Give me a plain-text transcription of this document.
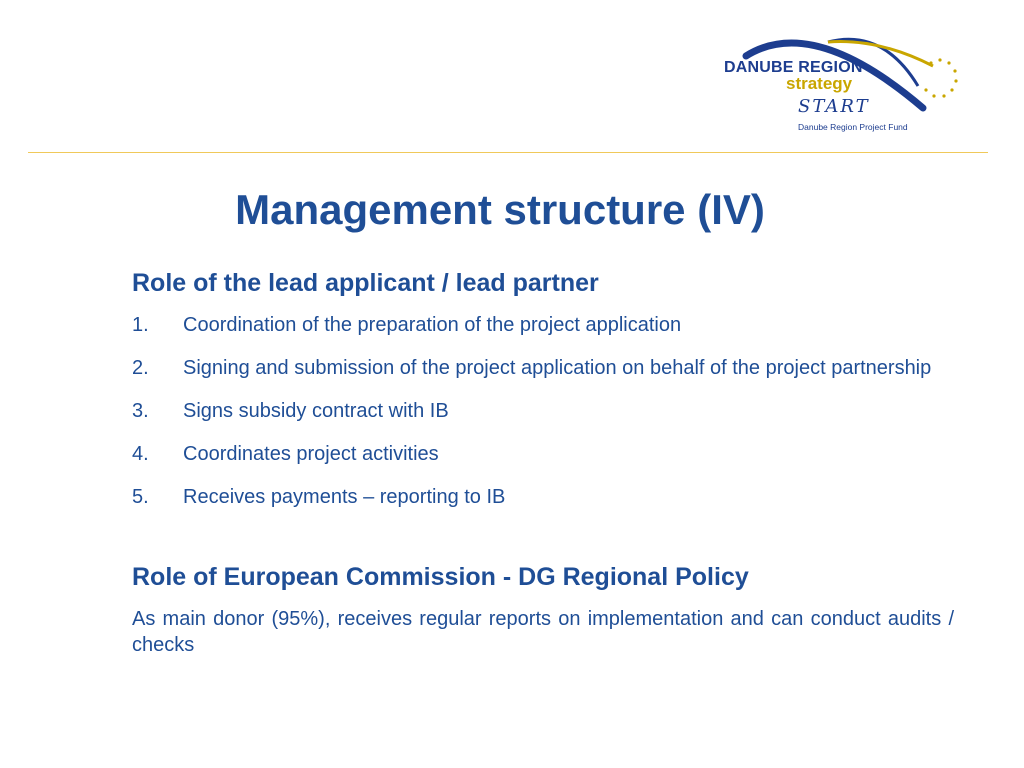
DANUBE REGION
strategy
START
Danube Region Project Fund
Management structure (IV)
Role of the lead applicant / lead partner
1.	Coordination of the preparation of the project application
2.	Signing and submission of the project application on behalf of the project partnership
3.	Signs subsidy contract with IB
4.	Coordinates project activities
5.	Receives payments – reporting to IB
Role of European Commission - DG Regional Policy
As main donor (95%), receives regular reports on implementation and can conduct audits / checks
